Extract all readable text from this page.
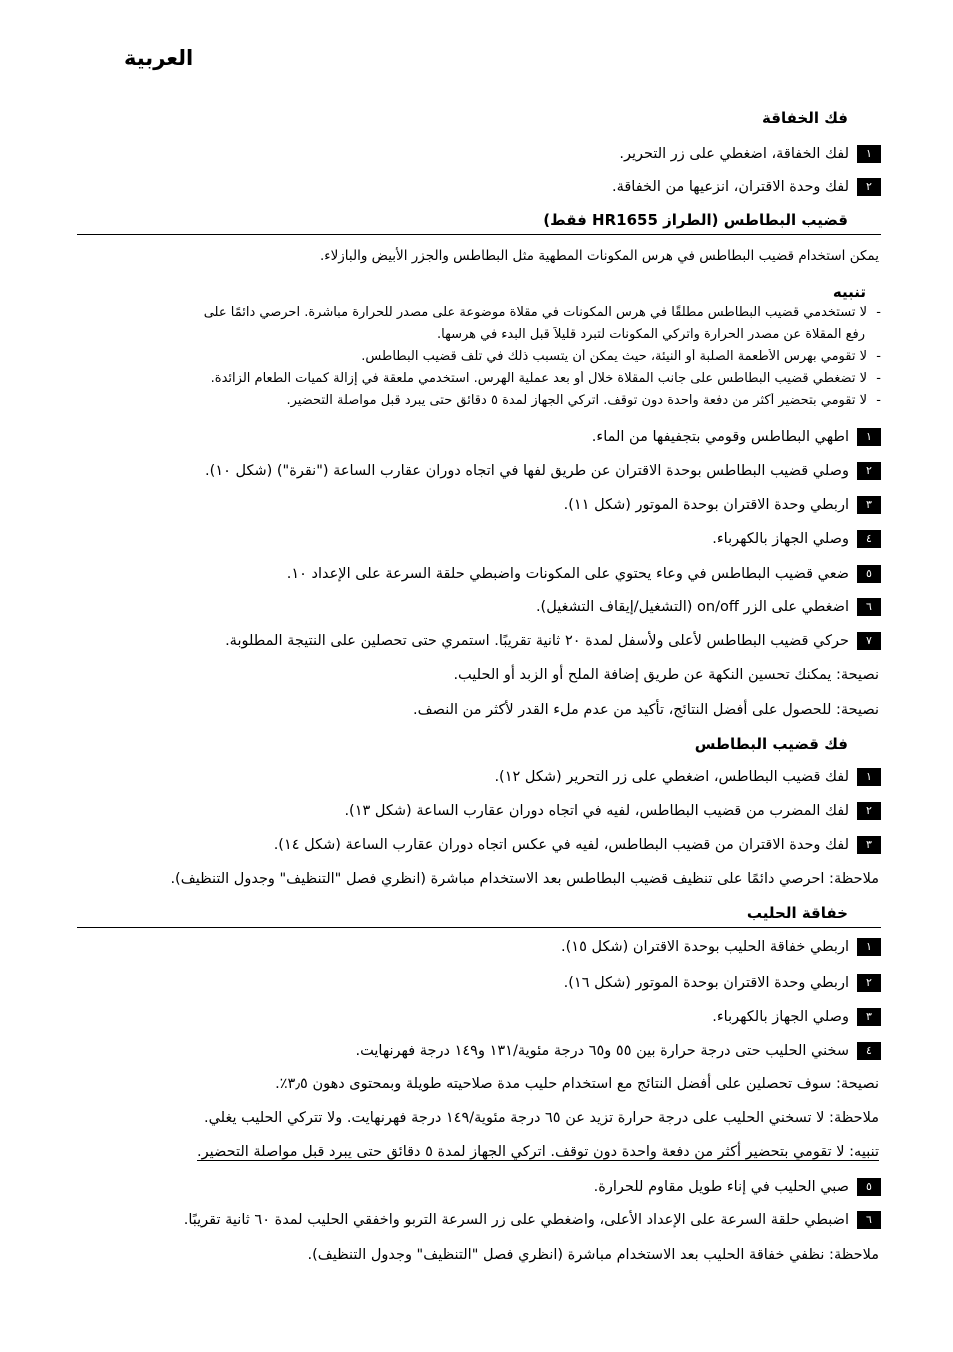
العربية
فك الخفاقة
١لفك الخفاقة، اضغطي على زر التحرير.
٢لفك وحدة الاقتران، انزعيها من الخفاقة.
قضيب البطاطس (الطراز HR1655 فقط)
يمكن استخدام قضيب البطاطس في هرس المكونات المطهية مثل البطاطس والجزر الأبيض والبازلاء.
تنبيه
-لا تستخدمي قضيب البطاطس مطلقًا في هرس المكونات في مقلاة موضوعة على مصدر للحرارة مباشرة. احرصي دائمًا على
رفع المقلاة عن مصدر الحرارة واتركي المكونات لتبرد قليلاً قبل البدء في هرسها.
-لا تقومي بهرس الأطعمة الصلبة أو النيئة، حيث يمكن أن يتسبب ذلك في تلف قضيب البطاطس.
-لا تضغطي قضيب البطاطس على جانب المقلاة خلال أو بعد عملية الهرس. استخدمي ملعقة في إزالة كميات الطعام الزائدة.
-لا تقومي بتحضير أكثر من دفعة واحدة دون توقف. اتركي الجهاز لمدة ٥ دقائق حتى يبرد قبل مواصلة التحضير.
١اطهي البطاطس وقومي بتجفيفها من الماء.
٢وصلي قضيب البطاطس بوحدة الاقتران عن طريق لفها في اتجاه دوران عقارب الساعة ("نقرة") (شكل ١٠).
٣اربطي وحدة الاقتران بوحدة الموتور (شكل ١١).
٤وصلي الجهاز بالكهرباء.
٥ضعي قضيب البطاطس في وعاء يحتوي على المكونات واضبطي حلقة السرعة على الإعداد ١٠.
٦اضغطي على الزر on/off (التشغيل/إيقاف التشغيل).
٧حركي قضيب البطاطس لأعلى ولأسفل لمدة ٢٠ ثانية تقريبًا. استمري حتى تحصلين على النتيجة المطلوبة.
نصيحة: يمكنك تحسين النكهة عن طريق إضافة الملح أو الزبد أو الحليب.
نصيحة: للحصول على أفضل النتائج، تأكيد من عدم ملء القدر لأكثر من النصف.
فك قضيب البطاطس
١لفك قضيب البطاطس، اضغطي على زر التحرير (شكل ١٢).
٢لفك المضرب من قضيب البطاطس، لفيه في اتجاه دوران عقارب الساعة (شكل ١٣).
٣لفك وحدة الاقتران من قضيب البطاطس، لفيه في عكس اتجاه دوران عقارب الساعة (شكل ١٤).
ملاحظة: احرصي دائمًا على تنظيف قضيب البطاطس بعد الاستخدام مباشرة (انظري فصل "التنظيف" وجدول التنظيف).
خفاقة الحليب
١اربطي خفاقة الحليب بوحدة الاقتران (شكل ١٥).
٢اربطي وحدة الاقتران بوحدة الموتور (شكل ١٦).
٣وصلي الجهاز بالكهرباء.
٤سخني الحليب حتى درجة حرارة بين ٥٥ و٦٥ درجة مئوية/١٣١ و١٤٩ درجة فهرنهايت.
نصيحة: سوف تحصلين على أفضل النتائج مع استخدام حليب مدة صلاحيته طويلة وبمحتوى دهون ٣٫٥٪.
ملاحظة: لا تسخني الحليب على درجة حرارة تزيد عن ٦٥ درجة مئوية/١٤٩ درجة فهرنهايت. ولا تتركي الحليب يغلي.
تنبيه: لا تقومي بتحضير أكثر من دفعة واحدة دون توقف. اتركي الجهاز لمدة ٥ دقائق حتى يبرد قبل مواصلة التحضير.
٥صبي الحليب في إناء طويل مقاوم للحرارة.
٦اضبطي حلقة السرعة على الإعداد الأعلى، واضغطي على زر السرعة التربو واخفقي الحليب لمدة ٦٠ ثانية تقريبًا.
ملاحظة: نظفي خفاقة الحليب بعد الاستخدام مباشرة (انظري فصل "التنظيف" وجدول التنظيف).
